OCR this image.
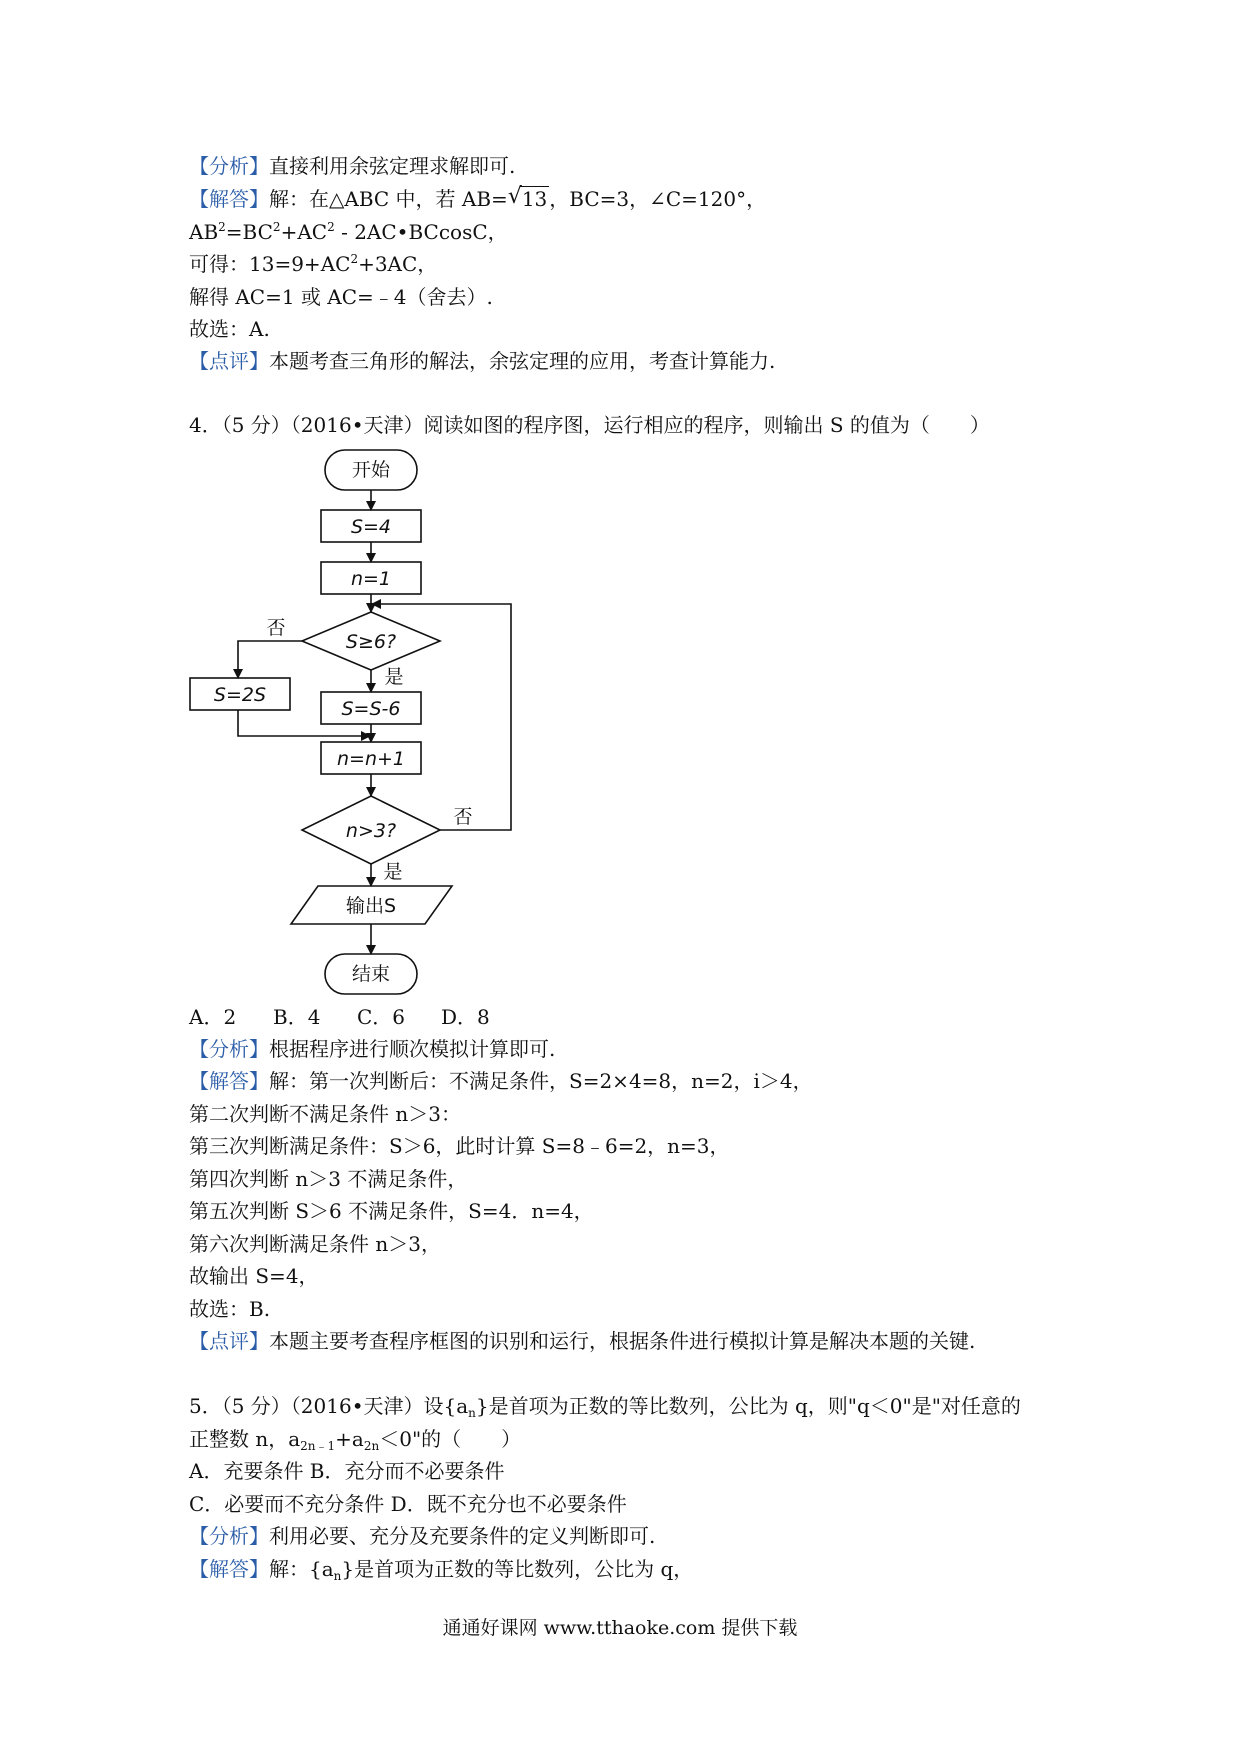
【分析】直接利用余弦定理求解即可.
【解答】解：在△ABC 中，若 AB= √ 13 ，BC=3，∠C=120°，
$AB^2=BC^2+AC^2$ ‑ 2AC•BCcosC，
可得：$13=9+AC^2+3AC$，
解得 AC=1 或 AC=﹣4（舍去）.
故选：A.
【点评】本题考查三角形的解法，余弦定理的应用，考查计算能力.
4．（5 分）（2016•天津）阅读如图的程序图，运行相应的程序，则输出 S 的值为（　　）
开始
S=4
n=1
S≥6?
否
是
S=2S
S=S-6
n=n+1
n>3?
否
是
输出S
结束
A．2 B．4 C．6 D．8
【分析】根据程序进行顺次模拟计算即可.
【解答】解：第一次判断后：不满足条件，S=2×4=8，n=2，i＞4，
第二次判断不满足条件 n＞3：
第三次判断满足条件：S＞6，此时计算 S=8﹣6=2，n=3，
第四次判断 n＞3 不满足条件，
第五次判断 S＞6 不满足条件，S=4．n=4，
第六次判断满足条件 n＞3，
故输出 S=4，
故选：B.
【点评】本题主要考查程序框图的识别和运行，根据条件进行模拟计算是解决本题的关键.
5．（5 分）（2016•天津）设$\{a_n\}$是首项为正数的等比数列，公比为 q，则"q＜0"是"对任意的
正整数 n，$a_{2n﹣1}+a_{2n}<0$"的（　　）
A．充要条件 B．充分而不必要条件
C．必要而不充分条件 D．既不充分也不必要条件
【分析】利用必要、充分及充要条件的定义判断即可.
【解答】解：$\{a_n\}$是首项为正数的等比数列，公比为 q，
通通好课网 www.tthaoke.com 提供下载
